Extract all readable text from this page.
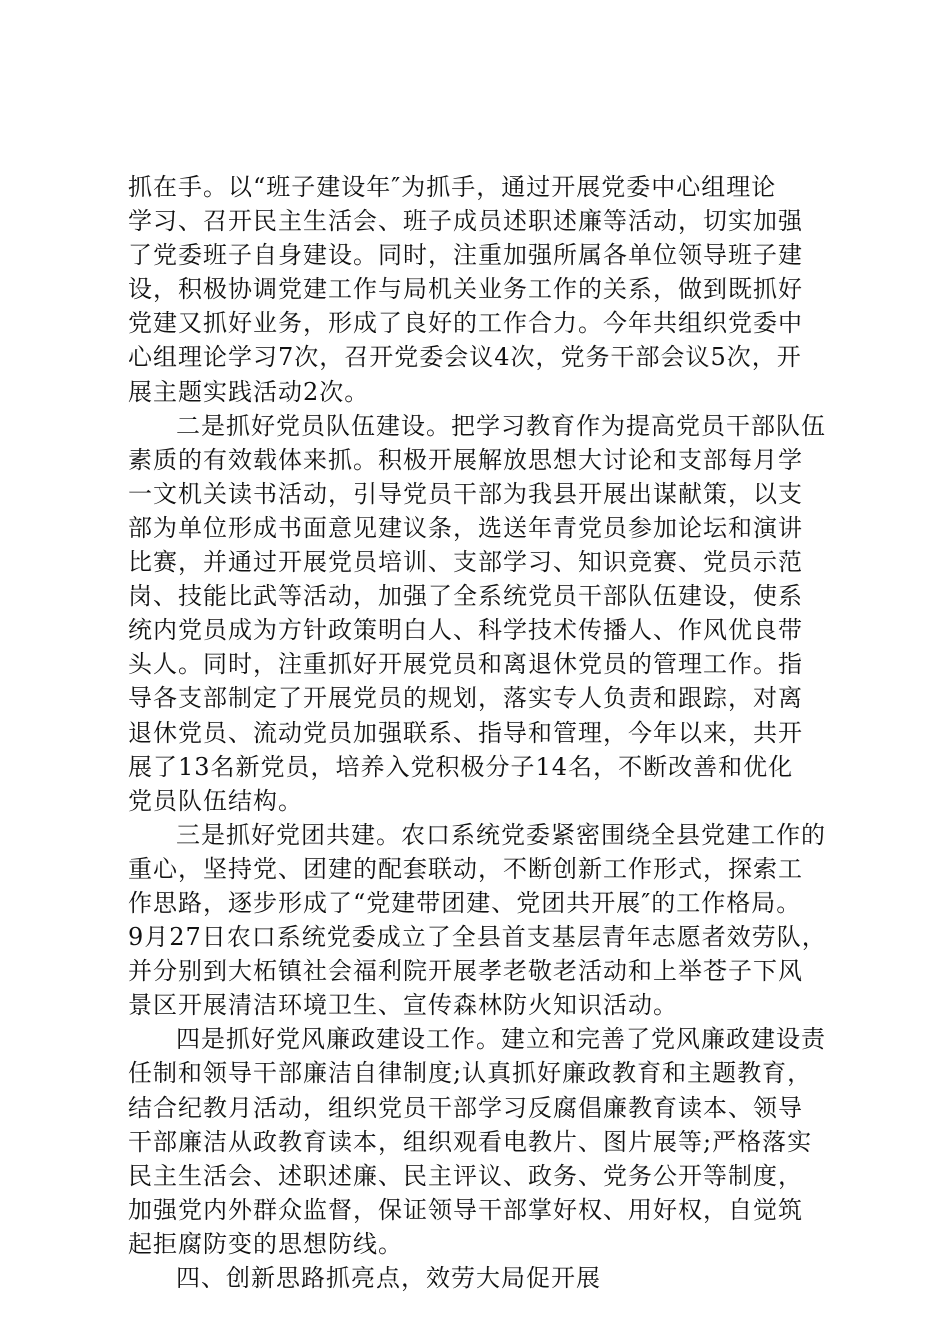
抓在手。以“班子建设年″为抓手，通过开展党委中心组理论
学习、召开民主生活会、班子成员述职述廉等活动，切实加强
了党委班子自身建设。同时，注重加强所属各单位领导班子建
设，积极协调党建工作与局机关业务工作的关系，做到既抓好
党建又抓好业务，形成了良好的工作合力。今年共组织党委中
心组理论学习7次，召开党委会议4次，党务干部会议5次，开
展主题实践活动2次。
二是抓好党员队伍建设。把学习教育作为提高党员干部队伍
素质的有效载体来抓。积极开展解放思想大讨论和支部每月学
一文机关读书活动，引导党员干部为我县开展出谋献策，以支
部为单位形成书面意见建议条，选送年青党员参加论坛和演讲
比赛，并通过开展党员培训、支部学习、知识竞赛、党员示范
岗、技能比武等活动，加强了全系统党员干部队伍建设，使系
统内党员成为方针政策明白人、科学技术传播人、作风优良带
头人。同时，注重抓好开展党员和离退休党员的管理工作。指
导各支部制定了开展党员的规划，落实专人负责和跟踪，对离
退休党员、流动党员加强联系、指导和管理，今年以来，共开
展了13名新党员，培养入党积极分子14名，不断改善和优化
党员队伍结构。
三是抓好党团共建。农口系统党委紧密围绕全县党建工作的
重心，坚持党、团建的配套联动，不断创新工作形式，探索工
作思路，逐步形成了“党建带团建、党团共开展″的工作格局。
9月27日农口系统党委成立了全县首支基层青年志愿者效劳队，
并分别到大柘镇社会福利院开展孝老敬老活动和上举苍子下风
景区开展清洁环境卫生、宣传森林防火知识活动。
四是抓好党风廉政建设工作。建立和完善了党风廉政建设责
任制和领导干部廉洁自律制度;认真抓好廉政教育和主题教育，
结合纪教月活动，组织党员干部学习反腐倡廉教育读本、领导
干部廉洁从政教育读本，组织观看电教片、图片展等;严格落实
民主生活会、述职述廉、民主评议、政务、党务公开等制度，
加强党内外群众监督，保证领导干部掌好权、用好权，自觉筑
起拒腐防变的思想防线。
四、创新思路抓亮点，效劳大局促开展
